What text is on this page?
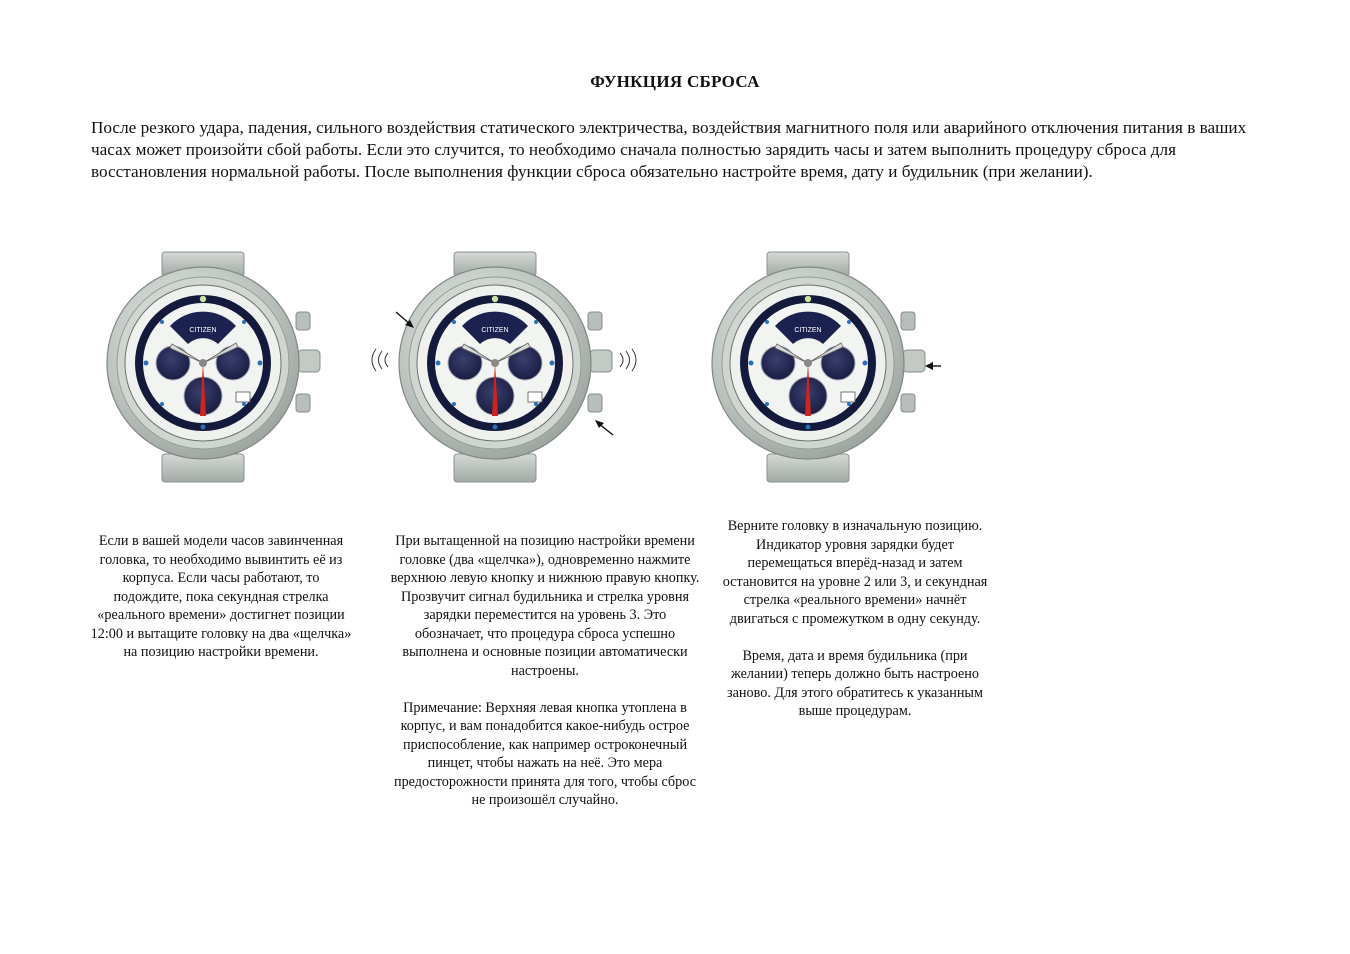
ФУНКЦИЯ СБРОСА
После резкого удара, падения, сильного воздействия статического электричества, воздействия магнитного поля или аварийного отключения питания в ваших часах может произойти сбой работы. Если это случится, то необходимо сначала полностью зарядить часы и затем выполнить процедуру сброса для восстановления нормальной работы. После выполнения функции сброса обязательно настройте время, дату и будильник (при желании).
CITIZEN	CITIZEN	CITIZEN

Если в вашей модели часов завинченная головка, то необходимо вывинтить её из корпуса. Если часы работают, то подождите, пока секундная стрелка «реального времени» достигнет позиции 12:00 и вытащите головку на два «щелчка» на позицию настройки времени.

При вытащенной на позицию настройки времени головке (два «щелчка»), одновременно нажмите верхнюю левую кнопку и нижнюю правую кнопку. Прозвучит сигнал будильника и стрелка уровня зарядки переместится на уровень 3. Это обозначает, что процедура сброса успешно выполнена и основные позиции автоматически настроены.

Примечание: Верхняя левая кнопка утоплена в корпус, и вам понадобится какое-нибудь острое приспособление, как например остроконечный пинцет, чтобы нажать на неё. Это мера предосторожности принята для того, чтобы сброс не произошёл случайно.

Верните головку в изначальную позицию. Индикатор уровня зарядки будет перемещаться вперёд-назад и затем остановится на уровне 2 или 3, и секундная стрелка «реального времени» начнёт двигаться с промежутком в одну секунду.

Время, дата и время будильника (при желании) теперь должно быть настроено заново. Для этого обратитесь к указанным выше процедурам.
